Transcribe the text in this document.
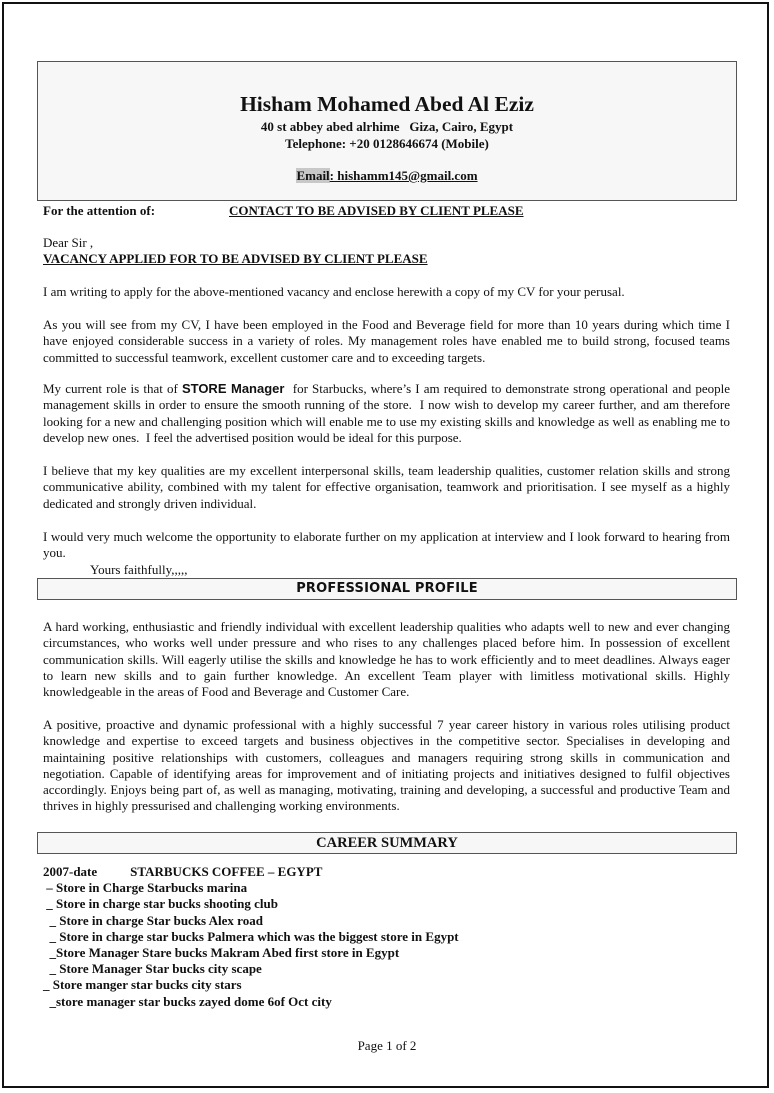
Hisham Mohamed Abed Al Eziz
40 st abbey abed alrhime   Giza, Cairo, Egypt
Telephone: +20 0128646674 (Mobile)
Email: hishamm145@gmail.com
For the attention of:	CONTACT TO BE ADVISED BY CLIENT PLEASE
Dear Sir ,
VACANCY APPLIED FOR TO BE ADVISED BY CLIENT PLEASE
I am writing to apply for the above-mentioned vacancy and enclose herewith a copy of my CV for your perusal.
As you will see from my CV, I have been employed in the Food and Beverage field for more than 10 years during which time I have enjoyed considerable success in a variety of roles. My management roles have enabled me to build strong, focused teams committed to successful teamwork, excellent customer care and to exceeding targets.
My current role is that of STORE Manager  for Starbucks, where’s I am required to demonstrate strong operational and people management skills in order to ensure the smooth running of the store.  I now wish to develop my career further, and am therefore looking for a new and challenging position which will enable me to use my existing skills and knowledge as well as enabling me to develop new ones.  I feel the advertised position would be ideal for this purpose.
I believe that my key qualities are my excellent interpersonal skills, team leadership qualities, customer relation skills and strong communicative ability, combined with my talent for effective organisation, teamwork and prioritisation. I see myself as a highly dedicated and strongly driven individual.
I would very much welcome the opportunity to elaborate further on my application at interview and I look forward to hearing from you.
Yours faithfully,,,,,
PROFESSIONAL PROFILE
A hard working, enthusiastic and friendly individual with excellent leadership qualities who adapts well to new and ever changing circumstances, who works well under pressure and who rises to any challenges placed before him. In possession of excellent communication skills. Will eagerly utilise the skills and knowledge he has to work efficiently and to meet deadlines. Always eager to learn new skills and to gain further knowledge. An excellent Team player with limitless motivational skills. Highly knowledgeable in the areas of Food and Beverage and Customer Care.
A positive, proactive and dynamic professional with a highly successful 7 year career history in various roles utilising product knowledge and expertise to exceed targets and business objectives in the competitive sector. Specialises in developing and maintaining positive relationships with customers, colleagues and managers requiring strong skills in communication and negotiation. Capable of identifying areas for improvement and of initiating projects and initiatives designed to fulfil objectives accordingly. Enjoys being part of, as well as managing, motivating, training and developing, a successful and productive Team and thrives in highly pressurised and challenging working environments.
CAREER SUMMARY
2007-date	STARBUCKS COFFEE – EGYPT
– Store in Charge Starbucks marina
_ Store in charge star bucks shooting club
_ Store in charge Star bucks Alex road
_ Store in charge star bucks Palmera which was the biggest store in Egypt
_Store Manager Stare bucks Makram Abed first store in Egypt
_ Store Manager Star bucks city scape
_ Store manger star bucks city stars
_store manager star bucks zayed dome 6of Oct city
Page 1 of 2
